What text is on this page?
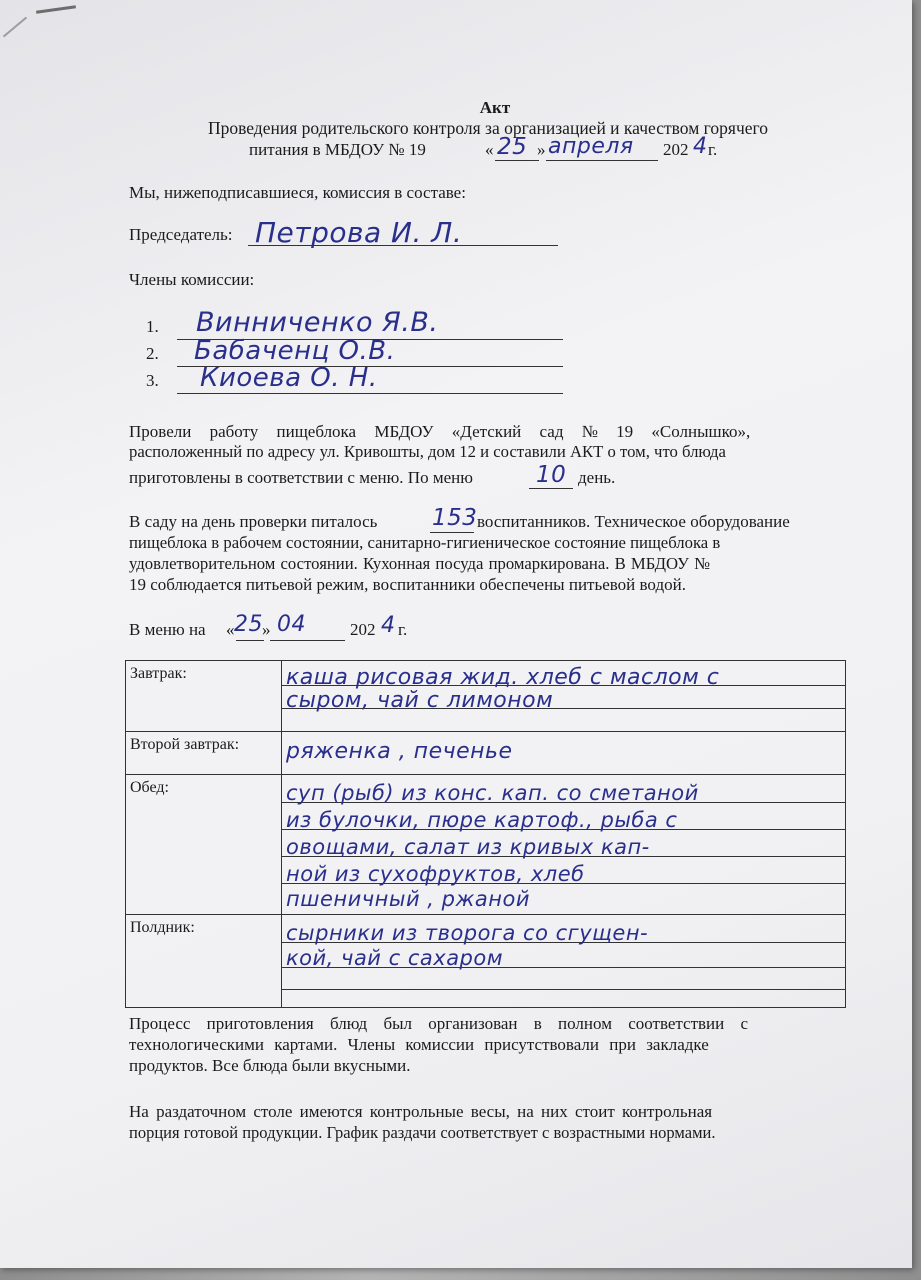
Акт
Проведения родительского контроля за организацией и качеством горячего
питания в МБДОУ № 19	« 25 » апреля 202 4 г.
Мы, нижеподписавшиеся, комиссия в составе:
Председатель: Петрова И. Л.
Члены комиссии:
1. Винниченко Я.В.
2. Бабаченц О.В.
3. Киоева О. Н.
Провели работу пищеблока МБДОУ «Детский сад № 19 «Солнышко»,
расположенный по адресу ул. Кривошты, дом 12 и составили АКТ о том, что блюда
приготовлены в соответствии с меню. По меню	10 день.
В саду на день проверки питалось 153 воспитанников. Техническое оборудование
пищеблока в рабочем состоянии, санитарно-гигиеническое состояние пищеблока в
удовлетворительном состоянии. Кухонная посуда промаркирована. В МБДОУ №
19 соблюдается питьевой режим, воспитанники обеспечены питьевой водой.
В меню на « 25 » 04	202 4 г.
Завтрак:	каша рисовая жид. хлеб с маслом с
сыром, чай с лимоном
Второй завтрак:	ряженка , печенье
Обед:	суп (рыб) из конс. кап. со сметаной
из булочки, пюре картоф., рыба с
овощами, салат из кривых кап-
ной из сухофруктов, хлеб
пшеничный , ржаной
Полдник:	сырники из творога со сгущен-
кой, чай с сахаром
Процесс приготовления блюд был организован в полном соответствии с
технологическими картами. Члены комиссии присутствовали при закладке
продуктов. Все блюда были вкусными.
На раздаточном столе имеются контрольные весы, на них стоит контрольная
порция готовой продукции. График раздачи соответствует с возрастными нормами.
